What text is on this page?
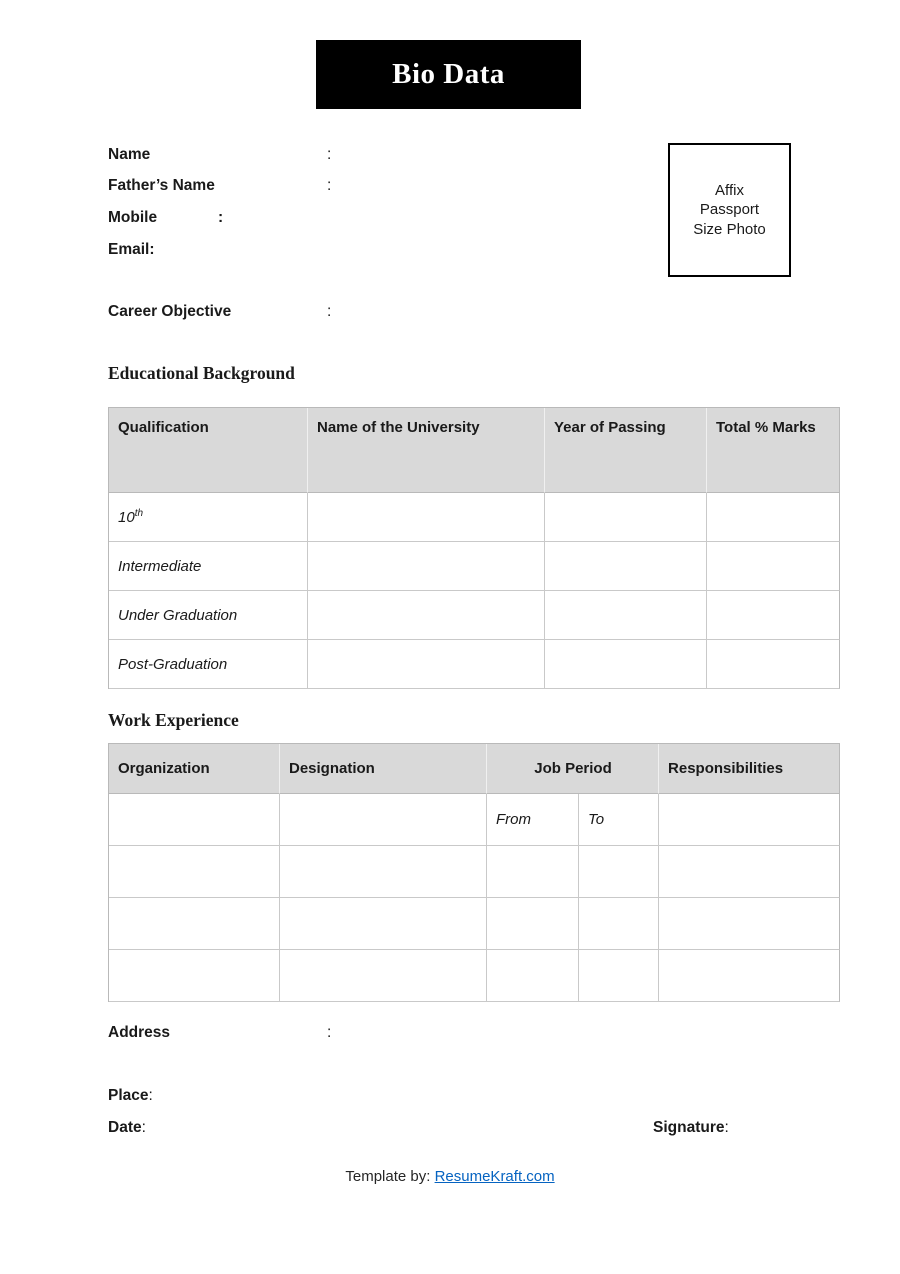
Bio Data
Name	:
Father’s Name	:
Mobile	:
Email:
Affix
Passport
Size Photo
Career Objective	:
Educational Background
Qualification	Name of the University	Year of Passing	Total % Marks
10th			
Intermediate			
Under Graduation			
Post-Graduation			
Work Experience
Organization	Designation	Job Period		Responsibilities
		From	To	

Address	:
Place:
Date:	Signature:
Template by: ResumeKraft.com
